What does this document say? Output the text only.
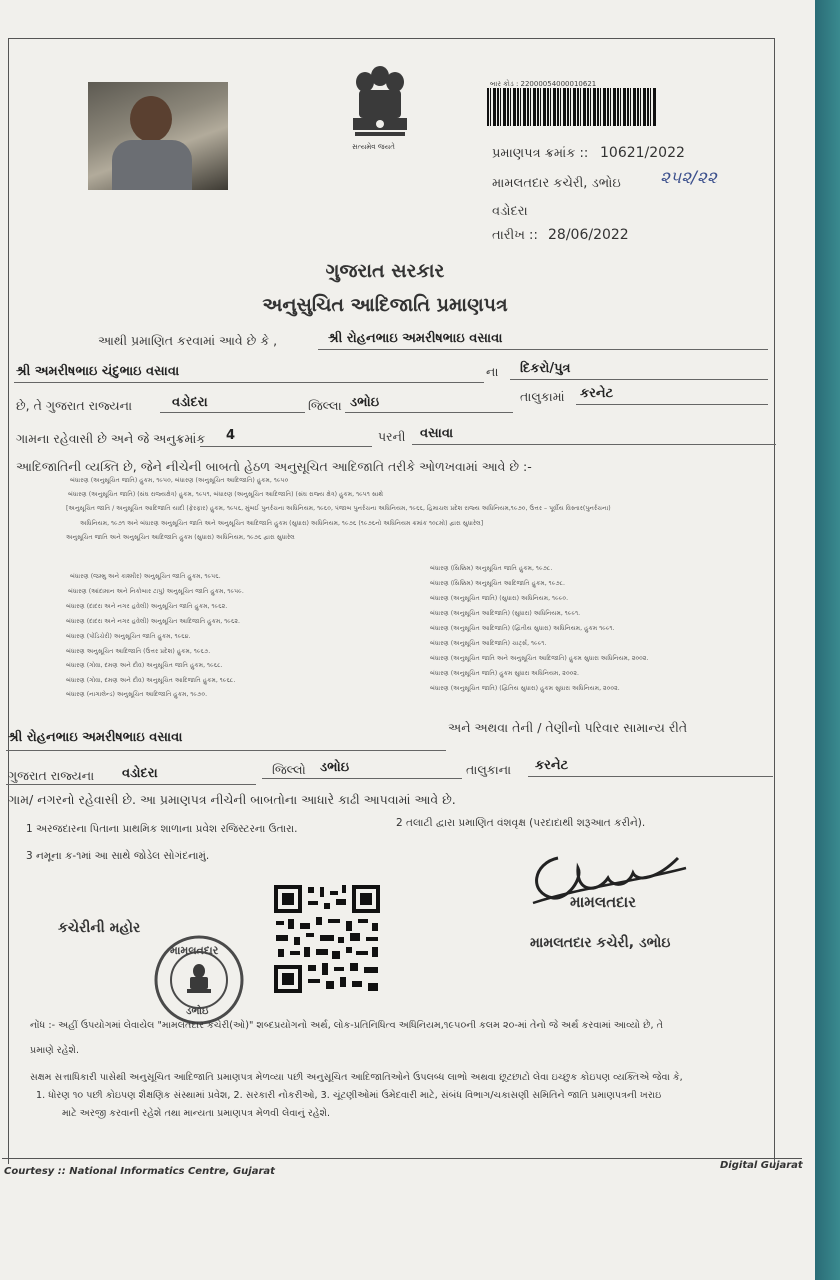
સત્યમેવ જયતે
બાર કોડ : 22000054000010621
પ્રમાણપત્ર ક્રમાંક :: 10621/2022
મામલતદાર કચેરી, ડભોઇ ૨૫૨/૨૨
વડોદરા
તારીખ :: 28/06/2022
ગુજરાત સરકાર
અનુસુચિત આદિજાતિ પ્રમાણપત્ર
આથી પ્રમાણિત કરવામાં આવે છે કે ,	શ્રી રોહનભાઇ અમરીષભાઇ વસાવા
શ્રી અમરીષભાઇ ચંદુભાઇ વસાવા	ના દિકરો/પુત્ર
છે, તે ગુજરાત રાજ્યના	વડોદરા	જિલ્લા ડભોઇ	તાલુકામાં કરનેટ
ગામના રહેવાસી છે અને જે અનુક્રમાંક 4	પરની વસાવા
આદિજાતિની વ્યક્તિ છે, જેને નીચેની બાબતો હેઠળ અનુસૂચિત આદિજાતિ તરીકે ઓળખવામાં આવે છે :-
બંધારણ (અનુસૂચિત જાતિ) હુકમ, ૧૯૫૦, બંધારણ (અનુસૂચિત આદિજાતિ) હુકમ, ૧૯૫૦
બંધારણ (અનુસૂચિત જાતિ) (સંઘ રાજ્યક્ષેત્ર) હુકમ, ૧૯૫૧, બંધારણ (અનુસૂચિત આદિજાતિ) (સંઘ રાજ્ય ક્ષેત્ર) હુકમ, ૧૯૫૧ સાથે
[અનુસૂચિત જાતિ / અનુસૂચિત આદિજાતિ યાદી (ફેરફાર) હુકમ, ૧૯૫૬, મુંબઈ પુનર્રચના અધિનિયમ, ૧૯૬૦, પંજાબ પુનર્રચના અધિનિયમ, ૧૯૬૬, હિમાચલ પ્રદેશ રાજ્ય અધિનિયમ,૧૯૭૦, ઉત્તર – પૂર્વીય વિસ્તાર(પુનર્રચના)
અધિનિયમ, ૧૯૭૧ અને બંધારણ અનુસૂચિત જાતિ અને અનુસૂચિત આદિજાતિ હુકમ (સુધારા) અધિનિયમ, ૧૯૭૬ (૧૯૭૬નો અધિનિયમ ક્રમાંક ૧૦૮મો) દ્વારા સુધારેલ]
અનુસૂચિત જાતિ અને અનુસૂચિત આદિજાતિ હુકમ (સુધારા) અધિનિયમ, ૧૯૭૬ દ્વારા સુધારેલ
બંધારણ (જમ્મુ અને કાશ્મીર) અનુસૂચિત જાતિ હુકમ, ૧૯૫૬.
બંધારણ (આંદામાન અને નિકોબાર ટાપુ) અનુસૂચિત જાતિ હુકમ, ૧૯૫૯.
બંધારણ (દાદરા અને નગર હવેલી) અનુસૂચિત જાતિ હુકમ, ૧૯૬૨.
બંધારણ (દાદરા અને નગર હવેલી) અનુસૂચિત આદિજાતિ હુકમ, ૧૯૬૨.
બંધારણ (પોંડિચેરી) અનુસૂચિત જાતિ હુકમ, ૧૯૬૪.
બંધારણ અનુસૂચિત આદિજાતિ (ઉત્તર પ્રદેશ) હુકમ, ૧૯૬૭.
બંધારણ (ગોવા, દમણ અને દીવ) અનુસૂચિત જાતિ હુકમ, ૧૯૬૮.
બંધારણ (ગોવા, દમણ અને દીવ) અનુસૂચિત આદિજાતિ હુકમ, ૧૯૬૮.
બંધારણ (નાગાલેન્ડ) અનુસૂચિત આદિજાતિ હુકમ, ૧૯૭૦.
બંધારણ (સિક્કિમ) અનુસૂચિત જાતિ હુકમ, ૧૯૭૮.
બંધારણ (સિક્કિમ) અનુસૂચિત આદિજાતિ હુકમ, ૧૯૭૮.
બંધારણ (અનુસૂચિત જાતિ) (સુધારા) અધિનિયમ, ૧૯૯૦.
બંધારણ (અનુસૂચિત આદિજાતિ) (સુધારા) અધિનિયમ, ૧૯૯૧.
બંધારણ (અનુસૂચિત આદિજાતિ) (દ્વિતીય સુધારા) અધિનિયમ, હુકમ ૧૯૯૧.
બંધારણ (અનુસૂચિત આદિજાતિ) ચાર્ટ્સ, ૧૯૯૧.
બંધારણ (અનુસૂચિત જાતિ અને અનુસૂચિત આદિજાતિ) હુકમ સુધારા અધિનિયમ, ૨૦૦૨.
બંધારણ (અનુસૂચિત જાતિ) હુકમ સુધારા અધિનિયમ, ૨૦૦૨.
બંધારણ (અનુસૂચિત જાતિ) (દ્વિતિય સુધારા) હુકમ સુધારા અધિનિયમ, ૨૦૦૨.
શ્રી રોહનભાઇ અમરીષભાઇ વસાવા
અને અથવા તેની / તેણીનો પરિવાર સામાન્ય રીતે
ગુજરાત રાજ્યના વડોદરા	જિલ્લો ડભોઇ	તાલુકાના કરનેટ
ગામ/ નગરનો રહેવાસી છે. આ પ્રમાણપત્ર નીચેની બાબતોના આધારે કાઢી આપવામાં આવે છે.
1 અરજદારના પિતાના પ્રાથમિક શાળાના પ્રવેશ રજિસ્ટરના ઉતારા.	2 તલાટી દ્વારા પ્રમાણિત વંશવૃક્ષ (પરદાદાથી શરૂઆત કરીને).
3 નમૂના ક-૧માં આ સાથે જોડેલ સોગંદનામું.
મામલતદાર
મામલતદાર કચેરી, ડભોઇ
કચેરીની મહોર
મામલતદાર
ડભોઇ
નોંધ :- અહીં ઉપયોગમાં લેવાયેલ "મામલતદાર કચેરી(ઓ)" શબ્દપ્રયોગનો અર્થ, લોક-પ્રતિનિધિત્વ અધિનિયમ,૧૯૫૦ની કલમ ૨૦-માં તેનો જે અર્થ કરવામાં આવ્યો છે, તે
પ્રમાણે રહેશે.
સક્ષમ સત્તાધિકારી પાસેથી અનુસૂચિત આદિજાતિ પ્રમાણપત્ર મેળવ્યા પછી અનુસૂચિત આદિજાતિઓને ઉપલબ્ધ લાભો અથવા છૂટછાટો લેવા ઇચ્છુક કોઇપણ વ્યક્તિએ જેવા કે,
1. ધોરણ ૧૦ પછી કોઇપણ શૈક્ષણિક સંસ્થામાં પ્રવેશ, 2. સરકારી નોકરીઓ, 3. ચૂંટણીઓમાં ઉમેદવારી માટે, સંબંધ વિભાગ/ચકાસણી સમિતિને જાતિ પ્રમાણપત્રની ખરાઇ
માટે અરજી કરવાની રહેશે તથા માન્યતા પ્રમાણપત્ર મેળવી લેવાનું રહેશે.
Courtesy :: National Informatics Centre, Gujarat
Digital Gujarat
